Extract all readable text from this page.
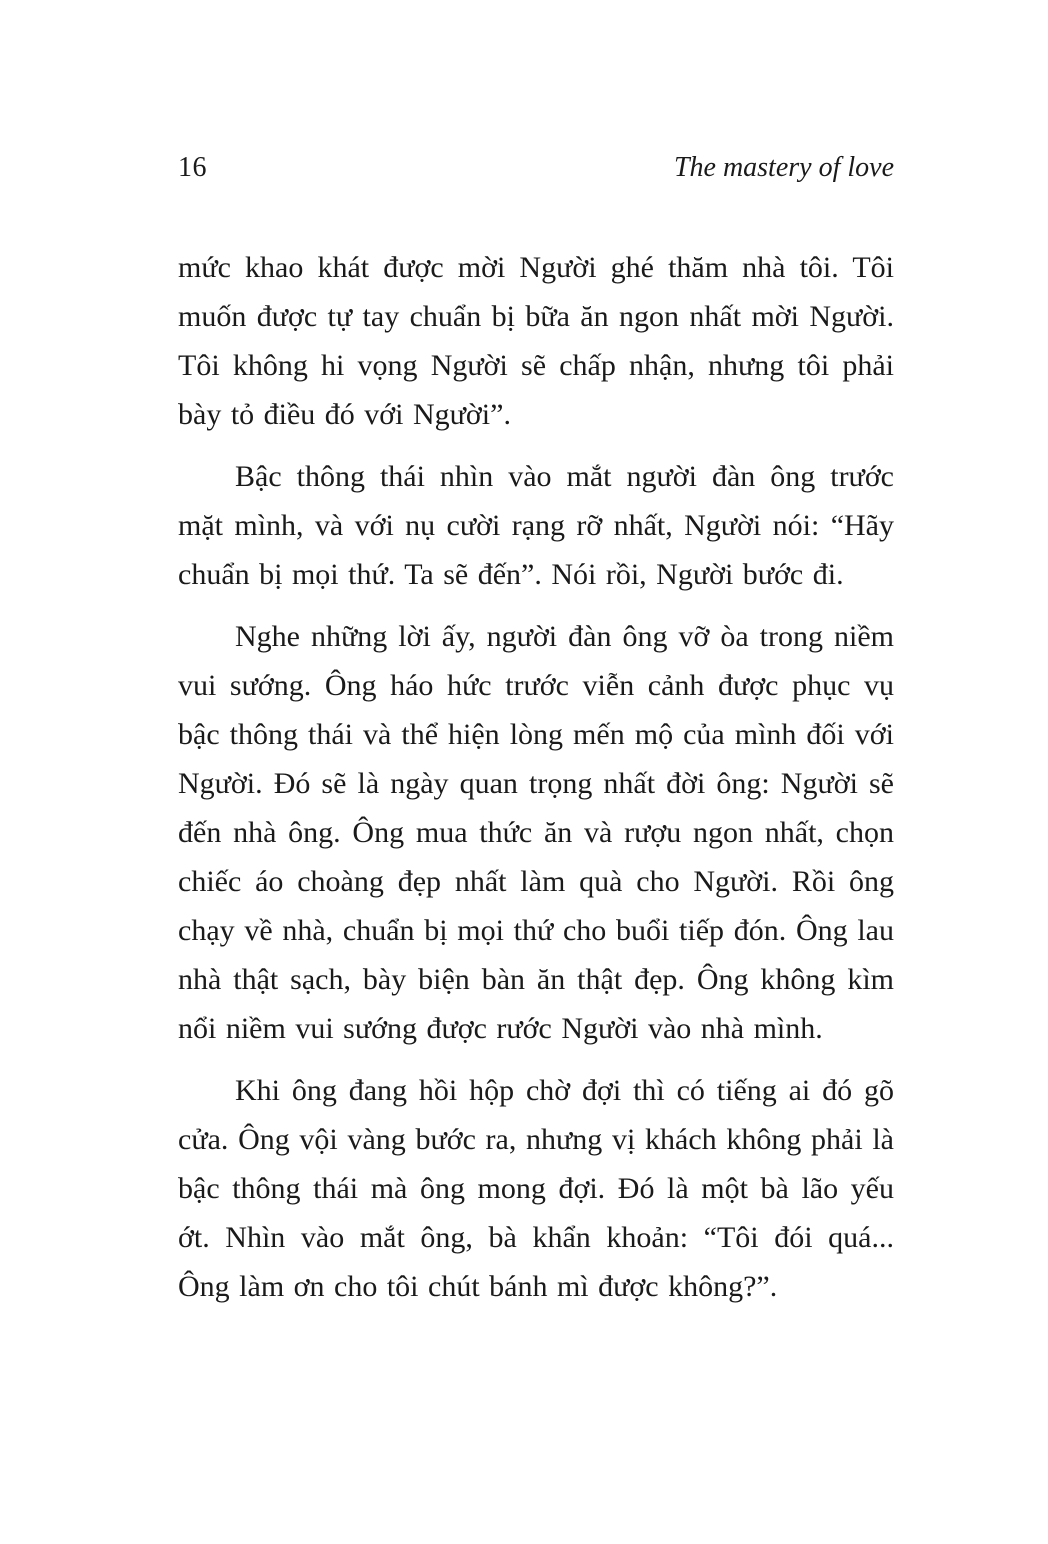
16	The mastery of love

mức khao khát được mời Người ghé thăm nhà tôi. Tôi muốn được tự tay chuẩn bị bữa ăn ngon nhất mời Người. Tôi không hi vọng Người sẽ chấp nhận, nhưng tôi phải bày tỏ điều đó với Người”.

Bậc thông thái nhìn vào mắt người đàn ông trước mặt mình, và với nụ cười rạng rỡ nhất, Người nói: “Hãy chuẩn bị mọi thứ. Ta sẽ đến”. Nói rồi, Người bước đi.

Nghe những lời ấy, người đàn ông vỡ òa trong niềm vui sướng. Ông háo hức trước viễn cảnh được phục vụ bậc thông thái và thể hiện lòng mến mộ của mình đối với Người. Đó sẽ là ngày quan trọng nhất đời ông: Người sẽ đến nhà ông. Ông mua thức ăn và rượu ngon nhất, chọn chiếc áo choàng đẹp nhất làm quà cho Người. Rồi ông chạy về nhà, chuẩn bị mọi thứ cho buổi tiếp đón. Ông lau nhà thật sạch, bày biện bàn ăn thật đẹp. Ông không kìm nổi niềm vui sướng được rước Người vào nhà mình.

Khi ông đang hồi hộp chờ đợi thì có tiếng ai đó gõ cửa. Ông vội vàng bước ra, nhưng vị khách không phải là bậc thông thái mà ông mong đợi. Đó là một bà lão yếu ớt. Nhìn vào mắt ông, bà khẩn khoản: “Tôi đói quá... Ông làm ơn cho tôi chút bánh mì được không?”.
